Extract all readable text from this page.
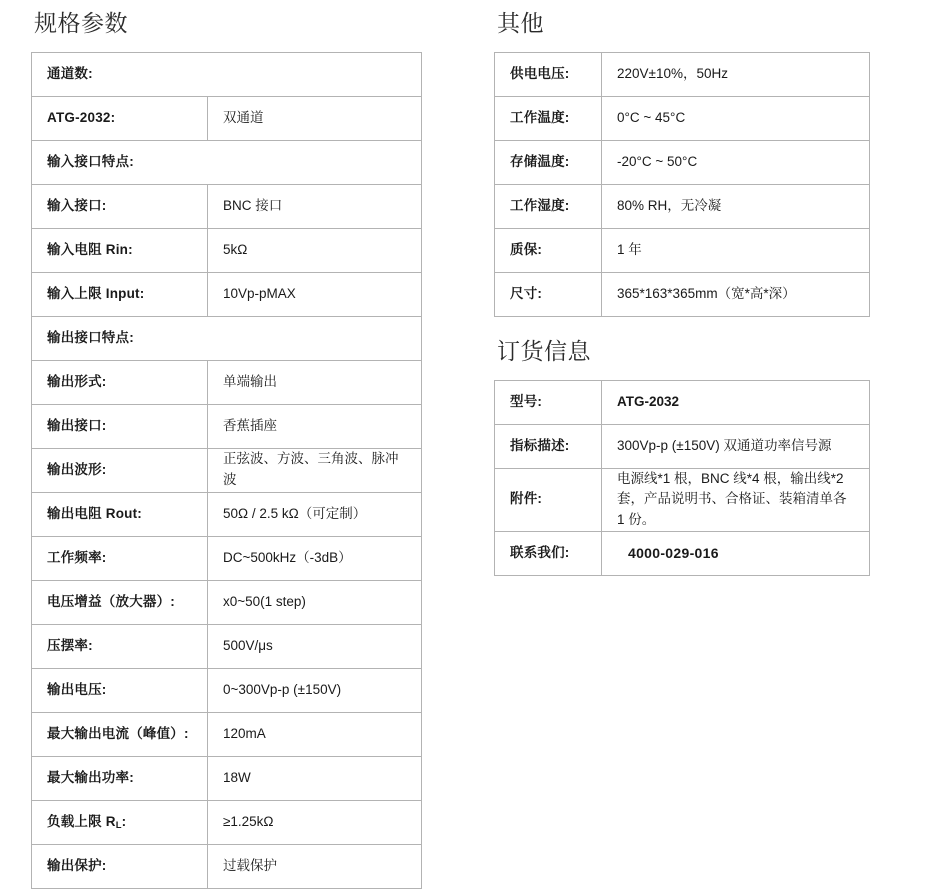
规格参数
通道数:	
ATG-2032:	双通道
输入接口特点:	
输入接口:	BNC 接口
输入电阻 Rin:	5kΩ
输入上限 Input:	10Vp-pMAX
输出接口特点:	
输出形式:	单端输出
输出接口:	香蕉插座
输出波形:	正弦波、方波、三角波、脉冲波
输出电阻 Rout:	50Ω / 2.5 kΩ（可定制）
工作频率:	DC~500kHz（-3dB）
电压增益（放大器）:	x0~50(1 step)
压摆率:	500V/μs
输出电压:	0~300Vp-p (±150V)
最大输出电流（峰值）:	120mA
最大输出功率:	18W
负载上限 $R_L$:	≥1.25kΩ
输出保护:	过载保护
其他
供电电压:	220V±10%，50Hz
工作温度:	0°C ~ 45°C
存储温度:	-20°C ~ 50°C
工作湿度:	80% RH，无冷凝
质保:	1 年
尺寸:	365*163*365mm（宽*高*深）
订货信息
型号:	ATG-2032
指标描述:	300Vp-p (±150V) 双通道功率信号源
附件:	电源线*1 根，BNC 线*4 根，输出线*2 套，产品说明书、合格证、装箱清单各 1 份。
联系我们:	4000-029-016
